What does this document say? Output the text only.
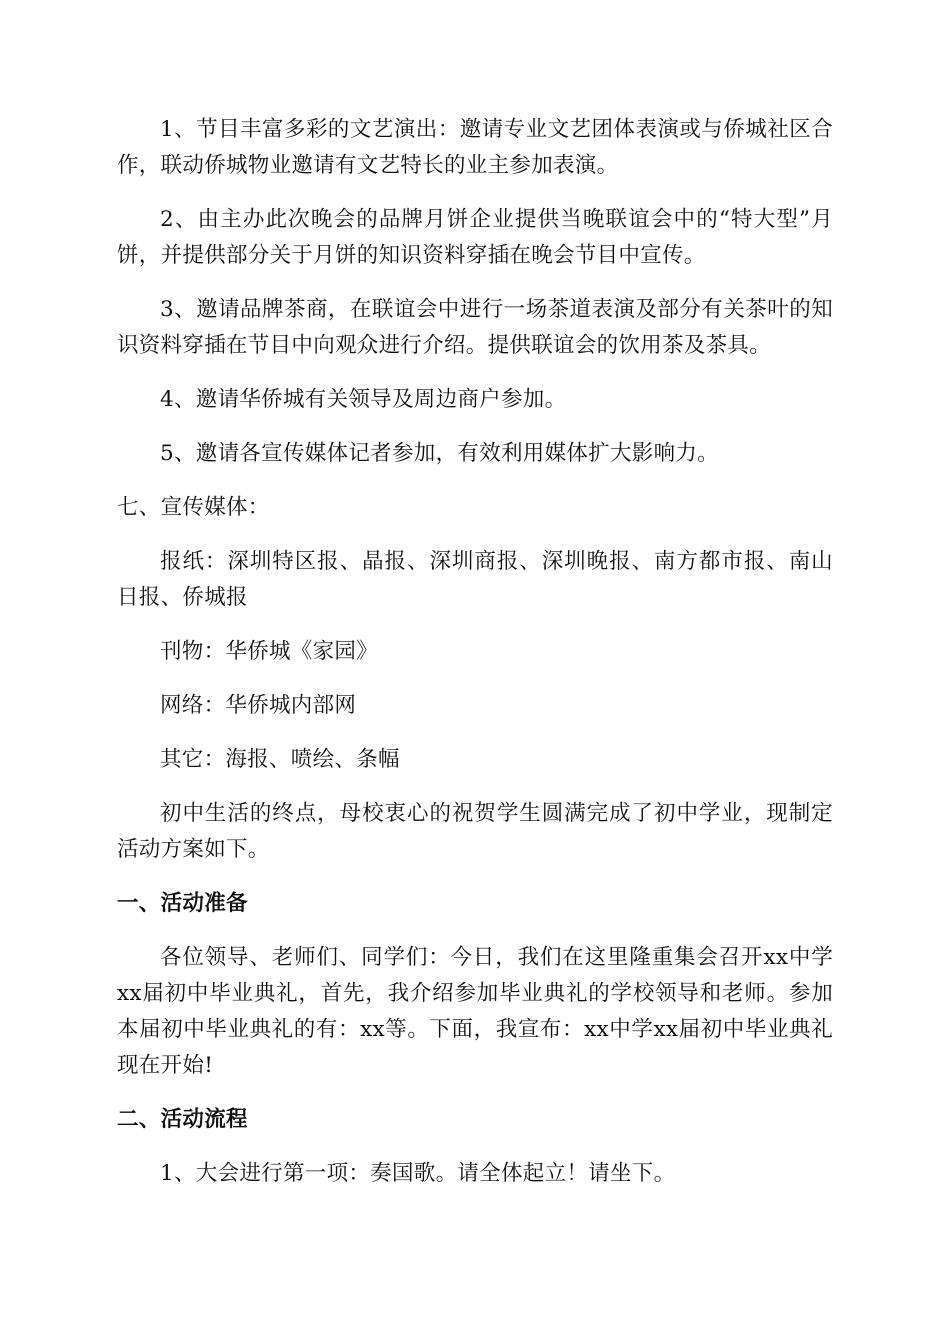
1、节目丰富多彩的文艺演出：邀请专业文艺团体表演或与侨城社区合作，联动侨城物业邀请有文艺特长的业主参加表演。

2、由主办此次晚会的品牌月饼企业提供当晚联谊会中的“特大型”月饼，并提供部分关于月饼的知识资料穿插在晚会节目中宣传。

3、邀请品牌茶商，在联谊会中进行一场茶道表演及部分有关茶叶的知识资料穿插在节目中向观众进行介绍。提供联谊会的饮用茶及茶具。

4、邀请华侨城有关领导及周边商户参加。

5、邀请各宣传媒体记者参加，有效利用媒体扩大影响力。

七、宣传媒体：

报纸：深圳特区报、晶报、深圳商报、深圳晚报、南方都市报、南山日报、侨城报

刊物：华侨城《家园》

网络：华侨城内部网

其它：海报、喷绘、条幅

初中生活的终点，母校衷心的祝贺学生圆满完成了初中学业，现制定活动方案如下。

一、活动准备

各位领导、老师们、同学们：今日，我们在这里隆重集会召开xx中学xx届初中毕业典礼，首先，我介绍参加毕业典礼的学校领导和老师。参加本届初中毕业典礼的有：xx等。下面，我宣布：xx中学xx届初中毕业典礼现在开始!

二、活动流程

1、大会进行第一项：奏国歌。请全体起立！请坐下。
